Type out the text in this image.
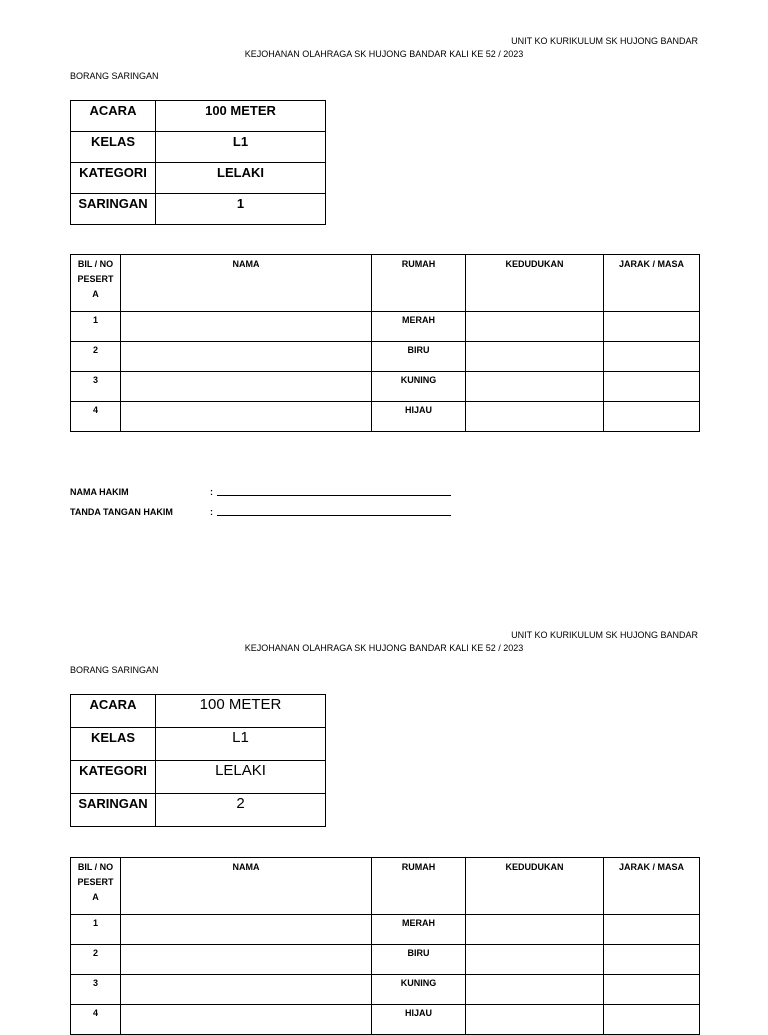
UNIT KO KURIKULUM SK HUJONG BANDAR
KEJOHANAN OLAHRAGA SK HUJONG BANDAR KALI KE 52 / 2023
BORANG SARINGAN
ACARA	100 METER
KELAS	L1
KATEGORI	LELAKI
SARINGAN	1
BIL / NO
PESERT
A	NAMA	RUMAH	KEDUDUKAN	JARAK / MASA
1		MERAH		
2		BIRU		
3		KUNING		
4		HIJAU		
NAMA HAKIM	:
TANDA TANGAN HAKIM	:
UNIT KO KURIKULUM SK HUJONG BANDAR
KEJOHANAN OLAHRAGA SK HUJONG BANDAR KALI KE 52 / 2023
BORANG SARINGAN
ACARA	100 METER
KELAS	L1
KATEGORI	LELAKI
SARINGAN	2
BIL / NO
PESERT
A	NAMA	RUMAH	KEDUDUKAN	JARAK / MASA
1		MERAH		
2		BIRU		
3		KUNING		
4		HIJAU		
